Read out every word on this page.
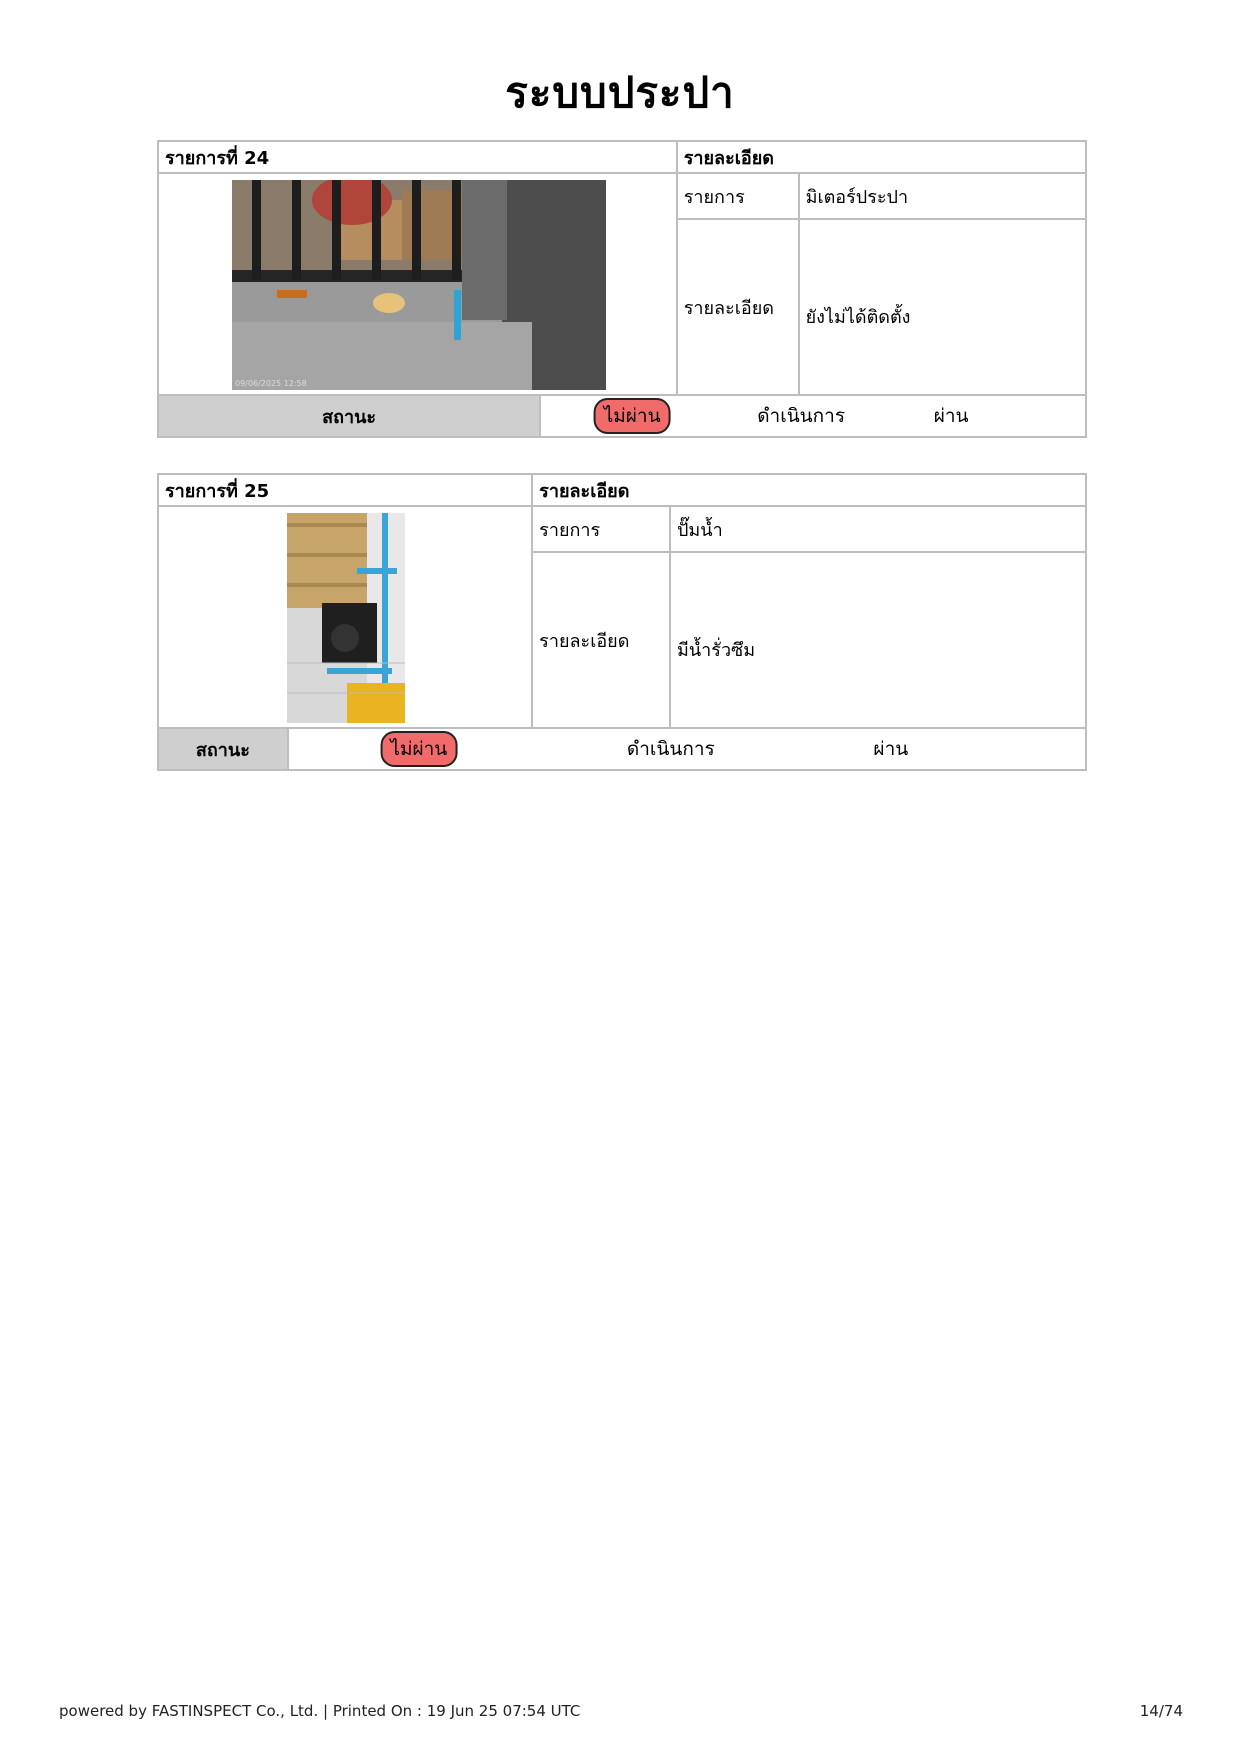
ระบบประปา
รายการที่ 24		รายละเอียด	

09/06/2025 12:58		รายการ	มิเตอร์ประปา
		รายละเอียด	ยังไม่ได้ติดตั้ง
สถานะ	ไม่ผ่าน ดำเนินการ ผ่าน		
รายการที่ 25		รายละเอียด	

	รายการ	ปั๊มน้ำ
		รายละเอียด	มีน้ำรั่วซึม
สถานะ	ไม่ผ่าน ดำเนินการ ผ่าน		
powered by FASTINSPECT Co., Ltd. | Printed On : 19 Jun 25 07:54 UTC	14/74
